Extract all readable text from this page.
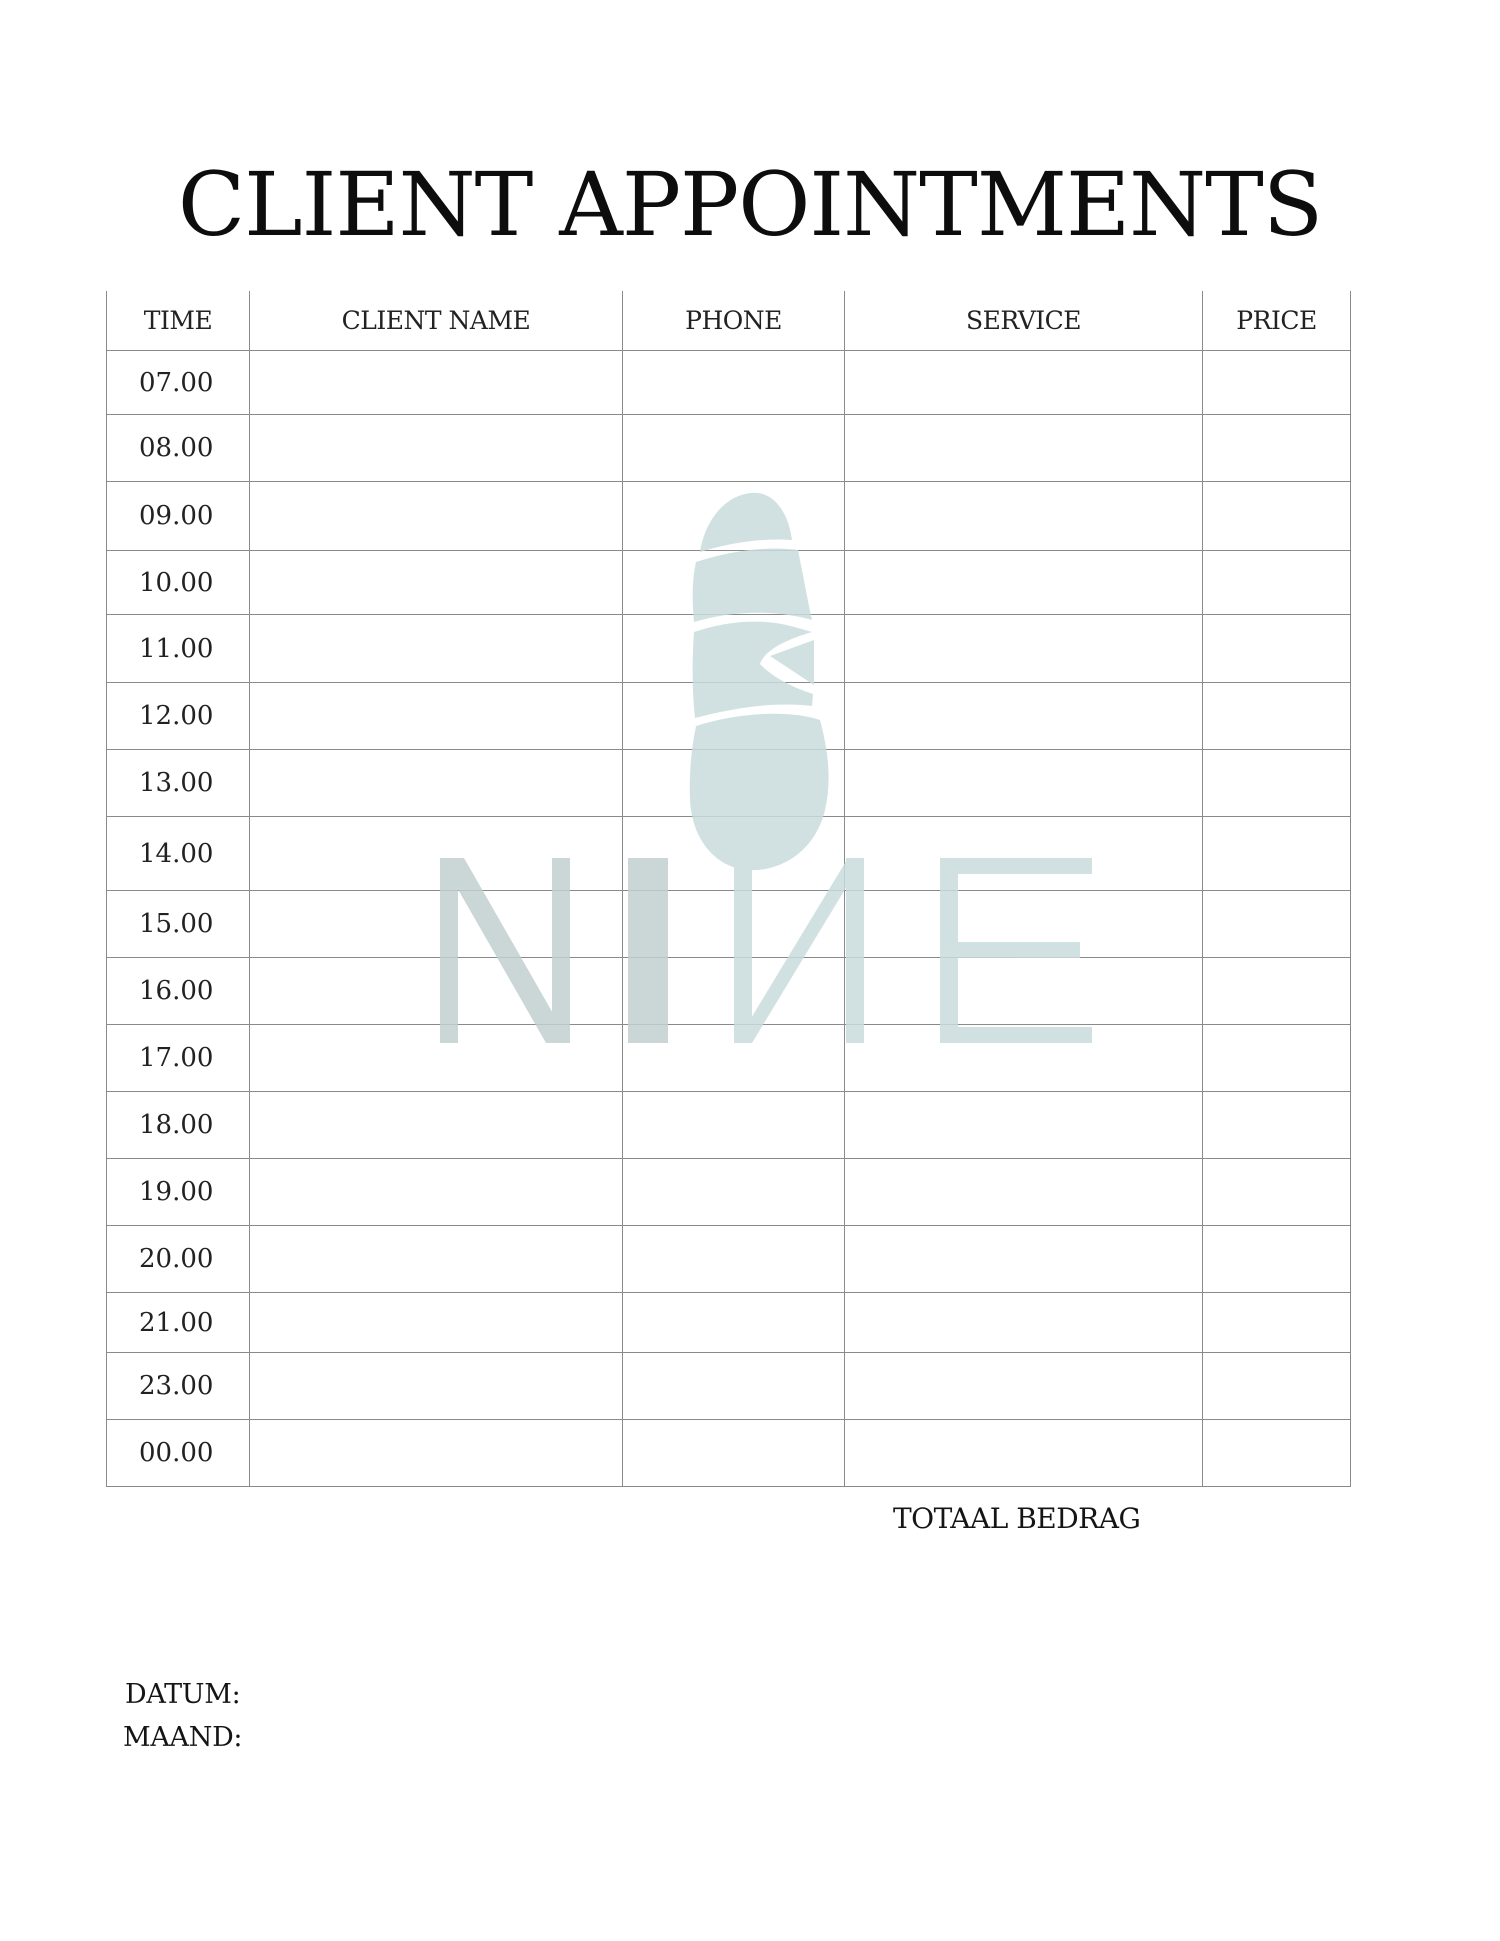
CLIENT APPOINTMENTS
TIME	CLIENT NAME	PHONE	SERVICE	PRICE
07.00				
08.00				
09.00				
10.00				
11.00				
12.00				
13.00				
14.00				
15.00				
16.00				
17.00				
18.00				
19.00				
20.00				
21.00				
23.00				
00.00				
TOTAAL BEDRAG
DATUM:
MAAND:
